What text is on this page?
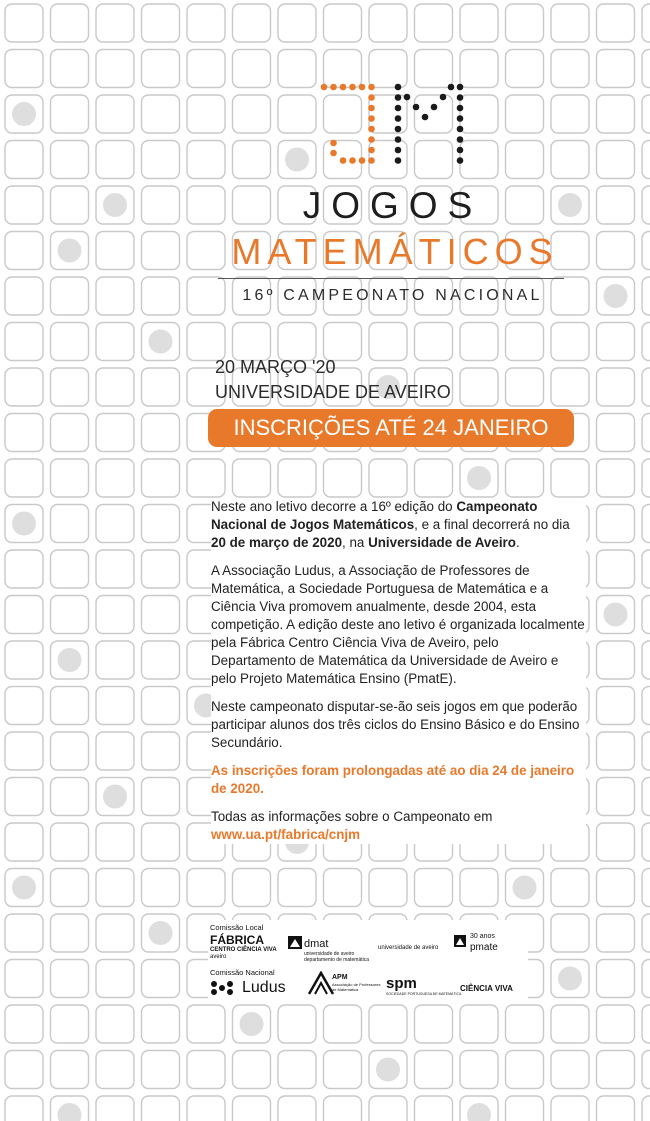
JOGOS
MATEMÁTICOS
16º CAMPEONATO NACIONAL
20 MARÇO '20
UNIVERSIDADE DE AVEIRO
INSCRIÇÕES ATÉ 24 JANEIRO

Neste ano letivo decorre a 16º edição do Campeonato Nacional de Jogos Matemáticos, e a final decorrerá no dia 20 de março de 2020, na Universidade de Aveiro.

A Associação Ludus, a Associação de Professores de Matemática, a Sociedade Portuguesa de Matemática e a Ciência Viva promovem anualmente, desde 2004, esta competição. A edição deste ano letivo é organizada localmente pela Fábrica Centro Ciência Viva de Aveiro, pelo Departamento de Matemática da Universidade de Aveiro e pelo Projeto Matemática Ensino (PmatE).

Neste campeonato disputar-se-ão seis jogos em que poderão participar alunos dos três ciclos do Ensino Básico e do Ensino Secundário.

As inscrições foram prolongadas até ao dia 24 de janeiro de 2020.

Todas as informações sobre o Campeonato em
www.ua.pt/fabrica/cnjm

Comissão Local
FÁBRICA
CENTRO CIÊNCIA VIVA
aveiro
dmat
universidade de aveiro
departamento de matemática
universidade de aveiro
30 anos
pmate
Comissão Nacional
Ludus
APM
Associação de Professores de Matemática	spm
SOCIEDADE PORTUGUESA DE MATEMÁTICA
CIÊNCIA VIVA
